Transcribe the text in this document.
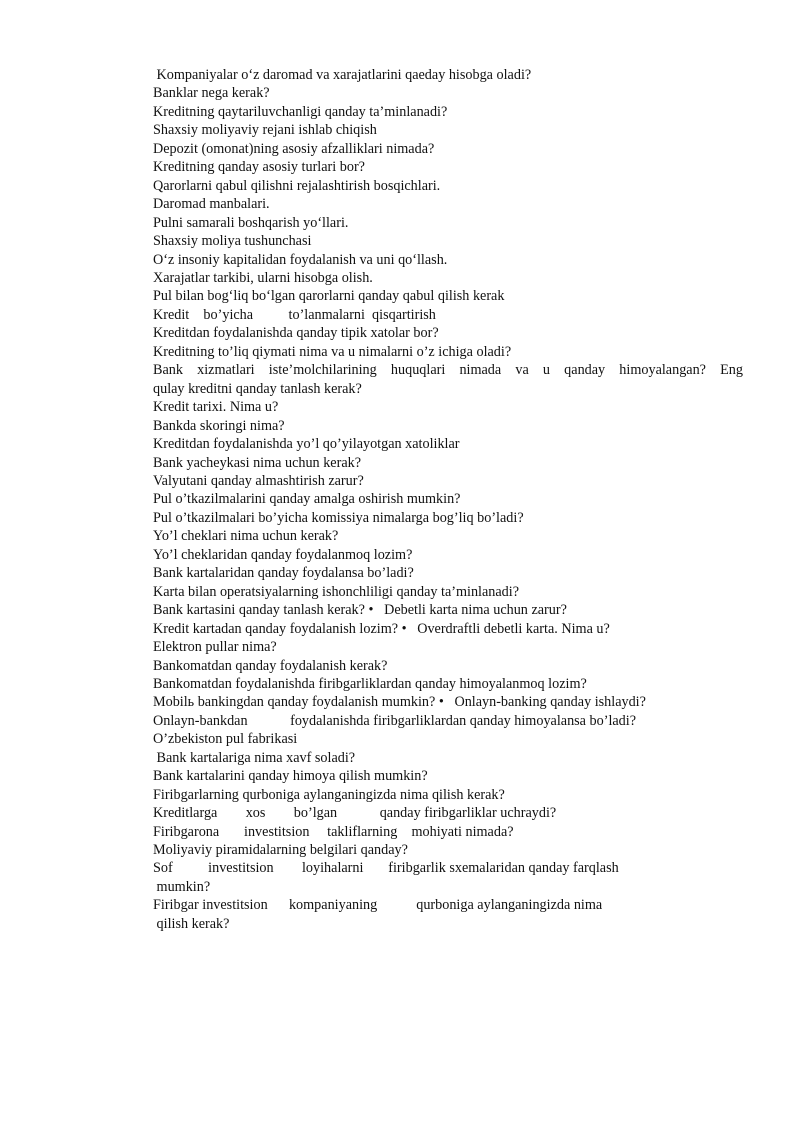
Kompaniyalar o‘z daromad va xarajatlarini qaeday hisobga oladi?
Banklar nega kerak?
Kreditning qaytariluvchanligi qanday ta’minlanadi?
Shaxsiy moliyaviy rejani ishlab chiqish
Depozit (omonat)ning asosiy afzalliklari nimada?
Kreditning qanday asosiy turlari bor?
Qarorlarni qabul qilishni rejalashtirish bosqichlari.
Daromad manbalari.
Pulni samarali boshqarish yo‘llari.
Shaxsiy moliya tushunchasi
O‘z insoniy kapitalidan foydalanish va uni qo‘llash.
Xarajatlar tarkibi, ularni hisobga olish.
Pul bilan bog‘liq bo‘lgan qarorlarni qanday qabul qilish kerak
Kredit    bo’yicha          to’lanmalarni  qisqartirish
Kreditdan foydalanishda qanday tipik xatolar bor?
Kreditning to’liq qiymati nima va u nimalarni o’z ichiga oladi?
Bank xizmatlari iste’molchilarining huquqlari nimada va u qanday himoyalangan? Eng
qulay kreditni qanday tanlash kerak?
Kredit tarixi. Nima u?
Bankda skoringi nima?
Kreditdan foydalanishda yo’l qo’yilayotgan xatoliklar
Bank yacheykasi nima uchun kerak?
Valyutani qanday almashtirish zarur?
Pul o’tkazilmalarini qanday amalga oshirish mumkin?
Pul o’tkazilmalari bo’yicha komissiya nimalarga bog’liq bo’ladi?
Yo’l cheklari nima uchun kerak?
Yo’l cheklaridan qanday foydalanmoq lozim?
Bank kartalaridan qanday foydalansa bo’ladi?
Karta bilan operatsiyalarning ishonchliligi qanday ta’minlanadi?
Bank kartasini qanday tanlash kerak? •   Debetli karta nima uchun zarur?
Kredit kartadan qanday foydalanish lozim? •   Overdraftli debetli karta. Nima u?
Elektron pullar nima?
Bankomatdan qanday foydalanish kerak?
Bankomatdan foydalanishda firibgarliklardan qanday himoyalanmoq lozim?
Mobilь bankingdan qanday foydalanish mumkin? •   Onlayn-banking qanday ishlaydi?
Onlayn-bankdan            foydalanishda firibgarliklardan qanday himoyalansa bo’ladi?
O’zbekiston pul fabrikasi
Bank kartalariga nima xavf soladi?
Bank kartalarini qanday himoya qilish mumkin?
Firibgarlarning qurboniga aylanganingizda nima qilish kerak?
Kreditlarga        xos        bo’lgan            qanday firibgarliklar uchraydi?
Firibgarona       investitsion     takliflarning    mohiyati nimada?
Moliyaviy piramidalarning belgilari qanday?
Sof          investitsion        loyihalarni       firibgarlik sxemalaridan qanday farqlash
mumkin?
Firibgar investitsion      kompaniyaning           qurboniga aylanganingizda nima
qilish kerak?
